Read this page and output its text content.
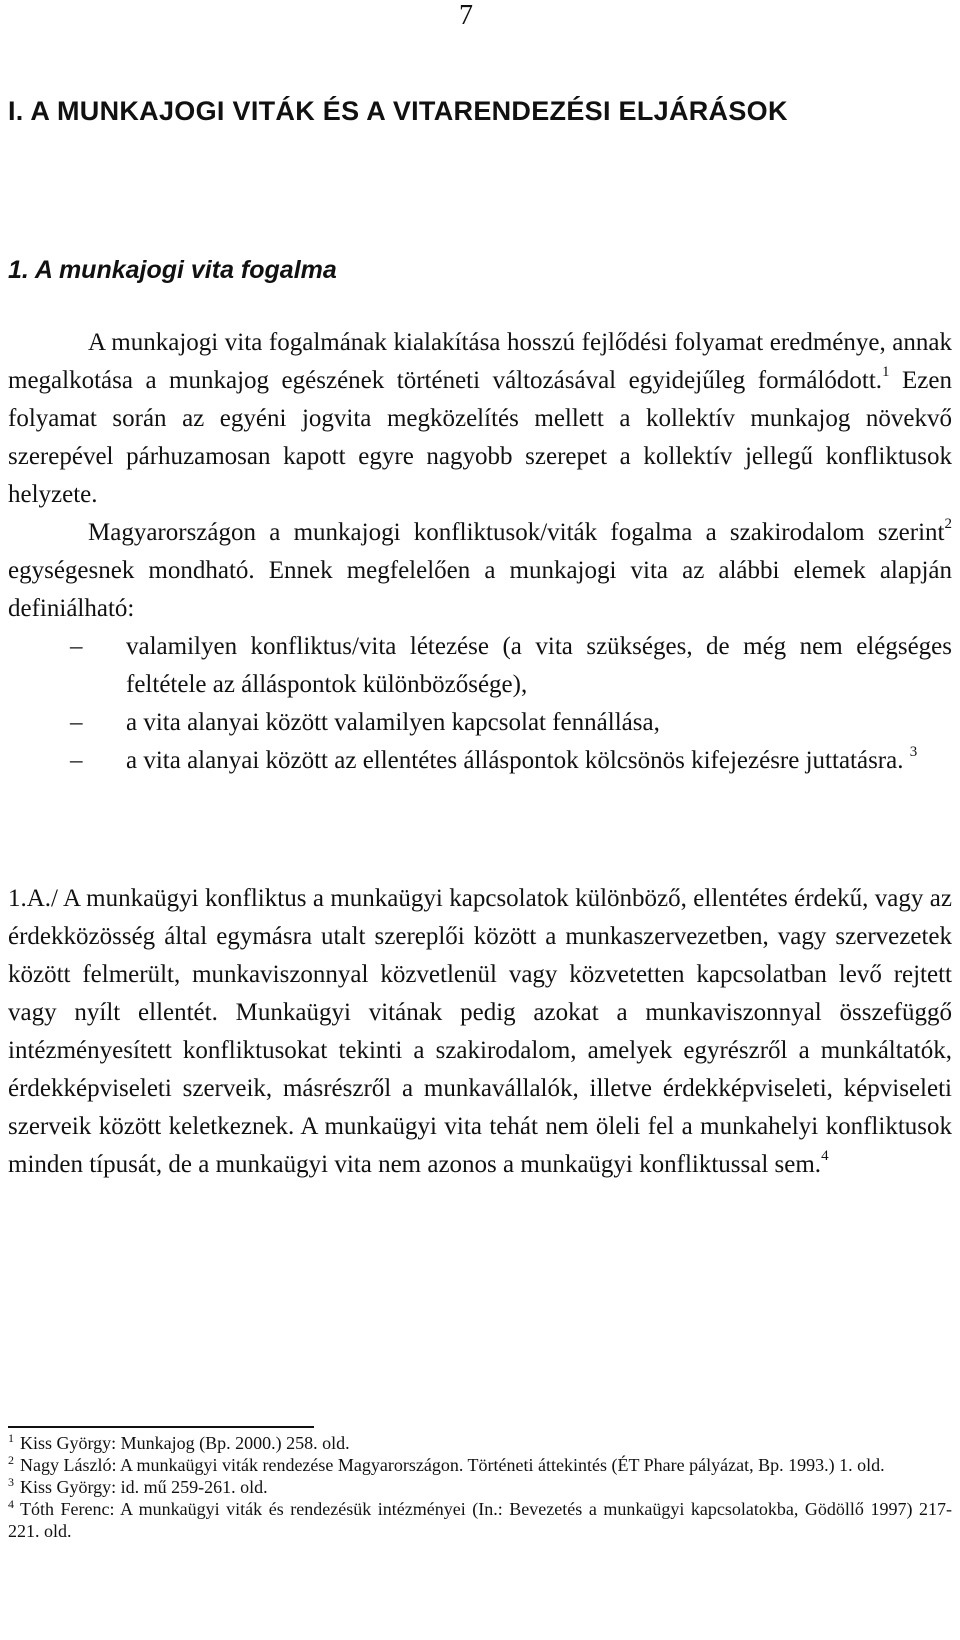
7
I. A MUNKAJOGI VITÁK ÉS A VITARENDEZÉSI ELJÁRÁSOK
1. A munkajogi vita fogalma

A munkajogi vita fogalmának kialakítása hosszú fejlődési folyamat eredménye, annak megalkotása a munkajog egészének történeti változásával egyidejűleg formálódott.$^1$ Ezen folyamat során az egyéni jogvita megközelítés mellett a kollektív munkajog növekvő szerepével párhuzamosan kapott egyre nagyobb szerepet a kollektív jellegű konfliktusok helyzete.

Magyarországon a munkajogi konfliktusok/viták fogalma a szakirodalom szerint$^2$ egységesnek mondható. Ennek megfelelően a munkajogi vita az alábbi elemek alapján definiálható:

– valamilyen konfliktus/vita létezése (a vita szükséges, de még nem elégséges feltétele az álláspontok különbözősége),
– a vita alanyai között valamilyen kapcsolat fennállása,
– a vita alanyai között az ellentétes álláspontok kölcsönös kifejezésre juttatásra. $^3$

1.A./ A munkaügyi konfliktus a munkaügyi kapcsolatok különböző, ellentétes érdekű, vagy az érdekközösség által egymásra utalt szereplői között a munkaszervezetben, vagy szervezetek között felmerült, munkaviszonnyal közvetlenül vagy közvetetten kapcsolatban levő rejtett vagy nyílt ellentét. Munkaügyi vitának pedig azokat a munkaviszonnyal összefüggő intézményesített konfliktusokat tekinti a szakirodalom, amelyek egyrészről a munkáltatók, érdekképviseleti szerveik, másrészről a munkavállalók, illetve érdekképviseleti, képviseleti szerveik között keletkeznek. A munkaügyi vita tehát nem öleli fel a munkahelyi konfliktusok minden típusát, de a munkaügyi vita nem azonos a munkaügyi konfliktussal sem.$^4$

$^1$ Kiss György: Munkajog (Bp. 2000.) 258. old.

$^2$ Nagy László: A munkaügyi viták rendezése Magyarországon. Történeti áttekintés (ÉT Phare pályázat, Bp. 1993.) 1. old.

$^3$ Kiss György: id. mű 259-261. old.

$^4$ Tóth Ferenc: A munkaügyi viták és rendezésük intézményei (In.: Bevezetés a munkaügyi kapcsolatokba, Gödöllő 1997) 217-221. old.
